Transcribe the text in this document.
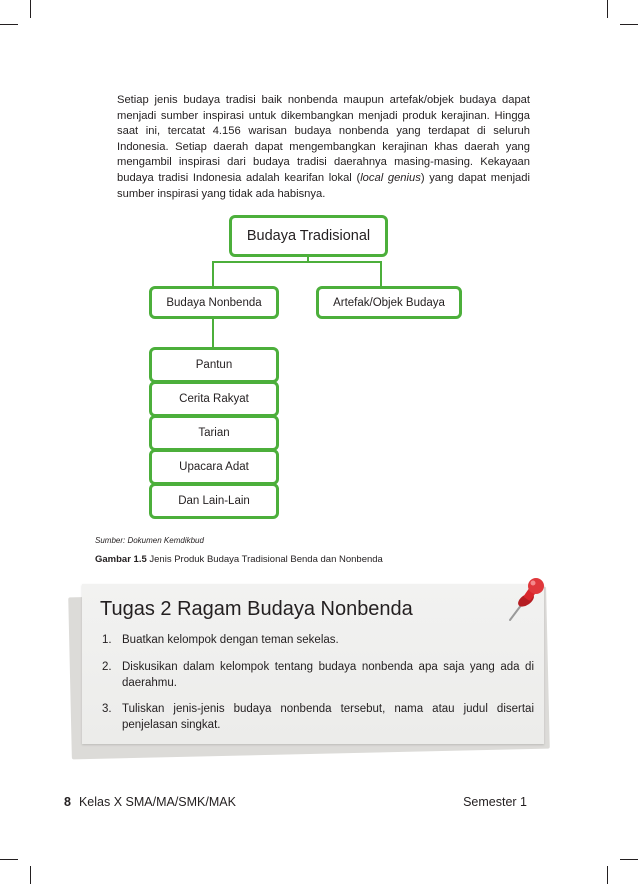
Setiap jenis budaya tradisi baik nonbenda maupun artefak/objek budaya dapat menjadi sumber inspirasi untuk dikembangkan menjadi produk kerajinan. Hingga saat ini, tercatat 4.156 warisan budaya nonbenda yang terdapat di seluruh Indonesia. Setiap daerah dapat mengembangkan kerajinan khas daerah yang mengambil inspirasi dari budaya tradisi daerahnya masing-masing. Kekayaan budaya tradisi Indonesia adalah kearifan lokal (local genius) yang dapat menjadi sumber inspirasi yang tidak ada habisnya.

Budaya Tradisional
Budaya Nonbenda	Artefak/Objek Budaya
Pantun
Cerita Rakyat
Tarian
Upacara Adat
Dan Lain-Lain
Sumber: Dokumen Kemdikbud
Gambar 1.5 Jenis Produk Budaya Tradisional Benda dan Nonbenda
Tugas 2 Ragam Budaya Nonbenda
1. Buatkan kelompok dengan teman sekelas.
2. Diskusikan dalam kelompok tentang budaya nonbenda apa saja yang ada di daerahmu.
3. Tuliskan jenis-jenis budaya nonbenda tersebut, nama atau judul disertai penjelasan singkat.
8 Kelas X SMA/MA/SMK/MAK	Semester 1
